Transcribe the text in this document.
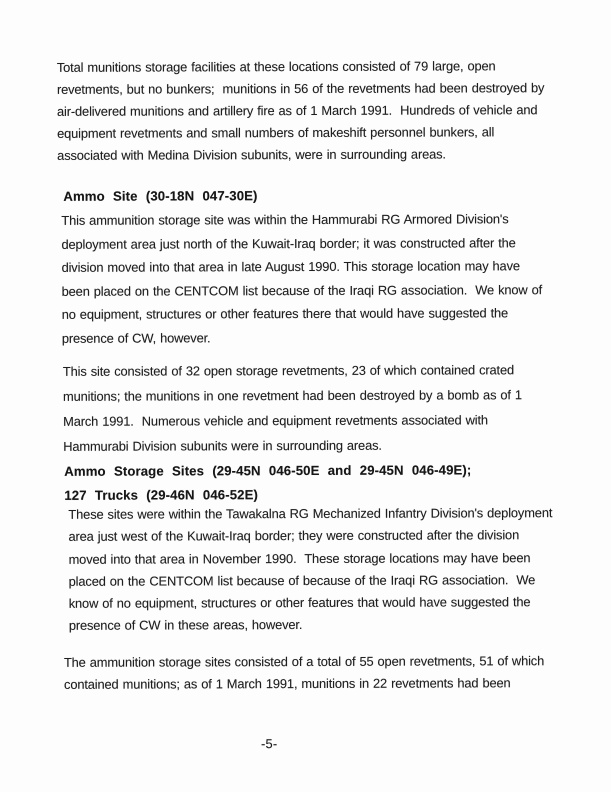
Total munitions storage facilities at these locations consisted of 79 large, open
revetments, but no bunkers;  munitions in 56 of the revetments had been destroyed by
air-delivered munitions and artillery fire as of 1 March 1991.  Hundreds of vehicle and
equipment revetments and small numbers of makeshift personnel bunkers, all
associated with Medina Division subunits, were in surrounding areas.
Ammo Site (30-18N 047-30E)
This ammunition storage site was within the Hammurabi RG Armored Division's
deployment area just north of the Kuwait-Iraq border; it was constructed after the
division moved into that area in late August 1990. This storage location may have
been placed on the CENTCOM list because of the Iraqi RG association.  We know of
no equipment, structures or other features there that would have suggested the
presence of CW, however.
This site consisted of 32 open storage revetments, 23 of which contained crated
munitions; the munitions in one revetment had been destroyed by a bomb as of 1
March 1991.  Numerous vehicle and equipment revetments associated with
Hammurabi Division subunits were in surrounding areas.
Ammo Storage Sites (29-45N 046-50E and 29-45N 046-49E);
127 Trucks (29-46N 046-52E)
These sites were within the Tawakalna RG Mechanized Infantry Division's deployment
area just west of the Kuwait-Iraq border; they were constructed after the division
moved into that area in November 1990.  These storage locations may have been
placed on the CENTCOM list because of because of the Iraqi RG association.  We
know of no equipment, structures or other features that would have suggested the
presence of CW in these areas, however.
The ammunition storage sites consisted of a total of 55 open revetments, 51 of which
contained munitions; as of 1 March 1991, munitions in 22 revetments had been
-5-
